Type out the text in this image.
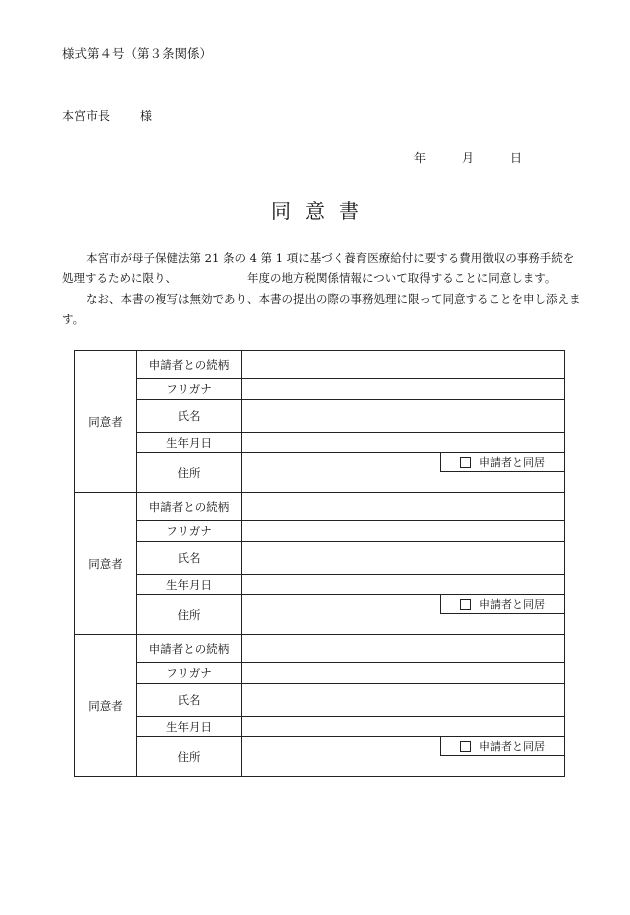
様式第４号（第３条関係）
本宮市長	様
年	月	日
同意書
本宮市が母子保健法第 21 条の 4 第 1 項に基づく養育医療給付に要する費用徴収の事務手続を処理するために限り、	年度の地方税関係情報について取得することに同意します。
なお、本書の複写は無効であり、本書の提出の際の事務処理に限って同意することを申し添えます。
同意者	申請者との続柄	
	フリガナ	
	氏名	
	生年月日	
	住所	申請者と同居

同意者	申請者との続柄	
	フリガナ	
	氏名	
	生年月日	
	住所	申請者と同居

同意者	申請者との続柄	
	フリガナ	
	氏名	
	生年月日	
	住所	申請者と同居
